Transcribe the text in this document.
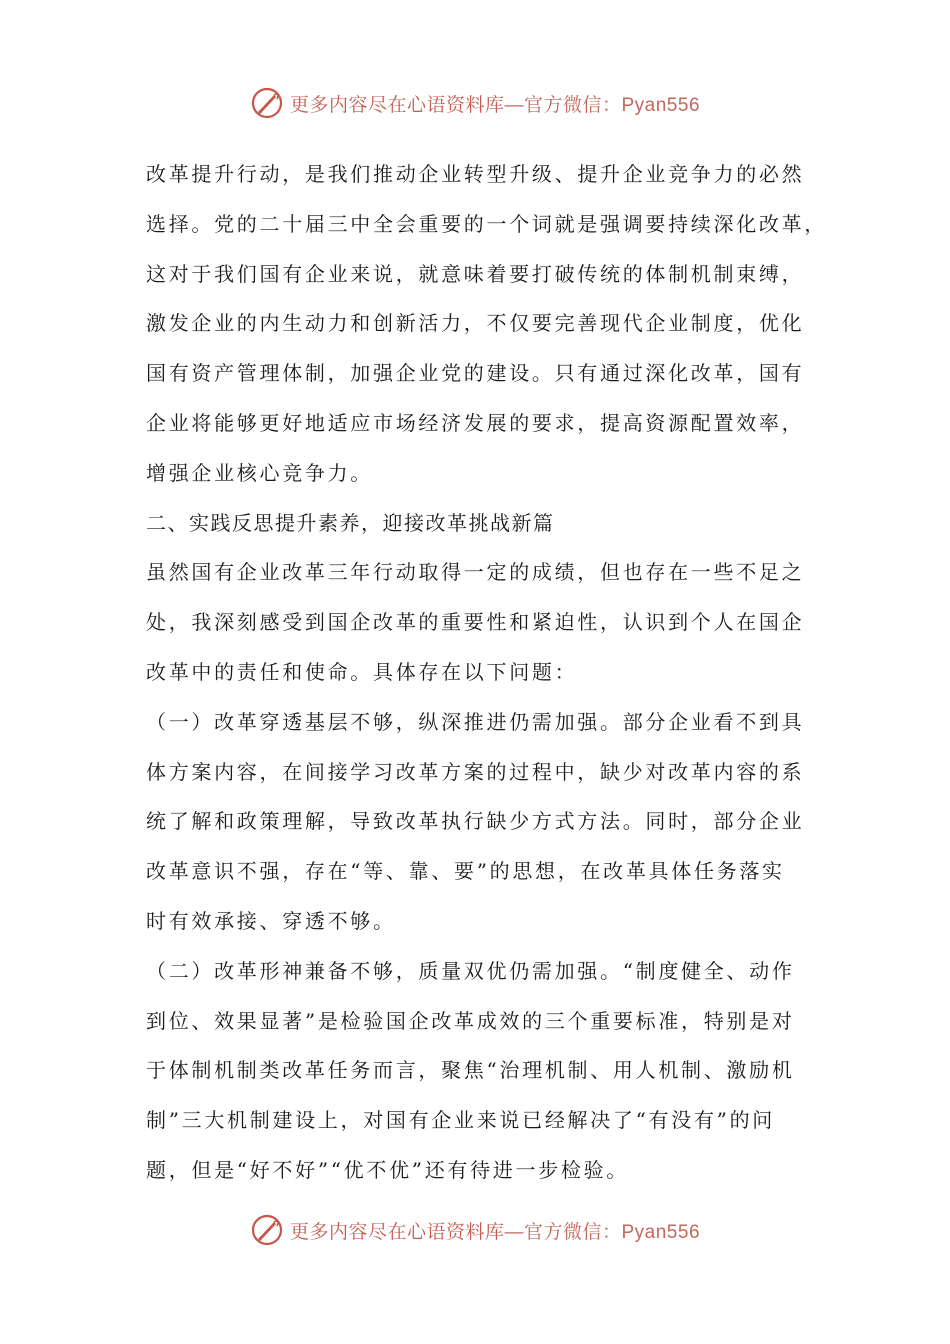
更多内容尽在心语资料库—官方微信：Pyan556
改革提升行动，是我们推动企业转型升级、提升企业竞争力的必然
选择。党的二十届三中全会重要的一个词就是强调要持续深化改革，
这对于我们国有企业来说，就意味着要打破传统的体制机制束缚，
激发企业的内生动力和创新活力，不仅要完善现代企业制度，优化
国有资产管理体制，加强企业党的建设。只有通过深化改革，国有
企业将能够更好地适应市场经济发展的要求，提高资源配置效率，
增强企业核心竞争力。
二、实践反思提升素养，迎接改革挑战新篇
虽然国有企业改革三年行动取得一定的成绩，但也存在一些不足之
处，我深刻感受到国企改革的重要性和紧迫性，认识到个人在国企
改革中的责任和使命。具体存在以下问题：
（一）改革穿透基层不够，纵深推进仍需加强。部分企业看不到具
体方案内容，在间接学习改革方案的过程中，缺少对改革内容的系
统了解和政策理解，导致改革执行缺少方式方法。同时，部分企业
改革意识不强，存在“等、靠、要”的思想，在改革具体任务落实
时有效承接、穿透不够。
（二）改革形神兼备不够，质量双优仍需加强。“制度健全、动作
到位、效果显著”是检验国企改革成效的三个重要标准，特别是对
于体制机制类改革任务而言，聚焦“治理机制、用人机制、激励机
制”三大机制建设上，对国有企业来说已经解决了“有没有”的问
题，但是“好不好”“优不优”还有待进一步检验。
更多内容尽在心语资料库—官方微信：Pyan556
